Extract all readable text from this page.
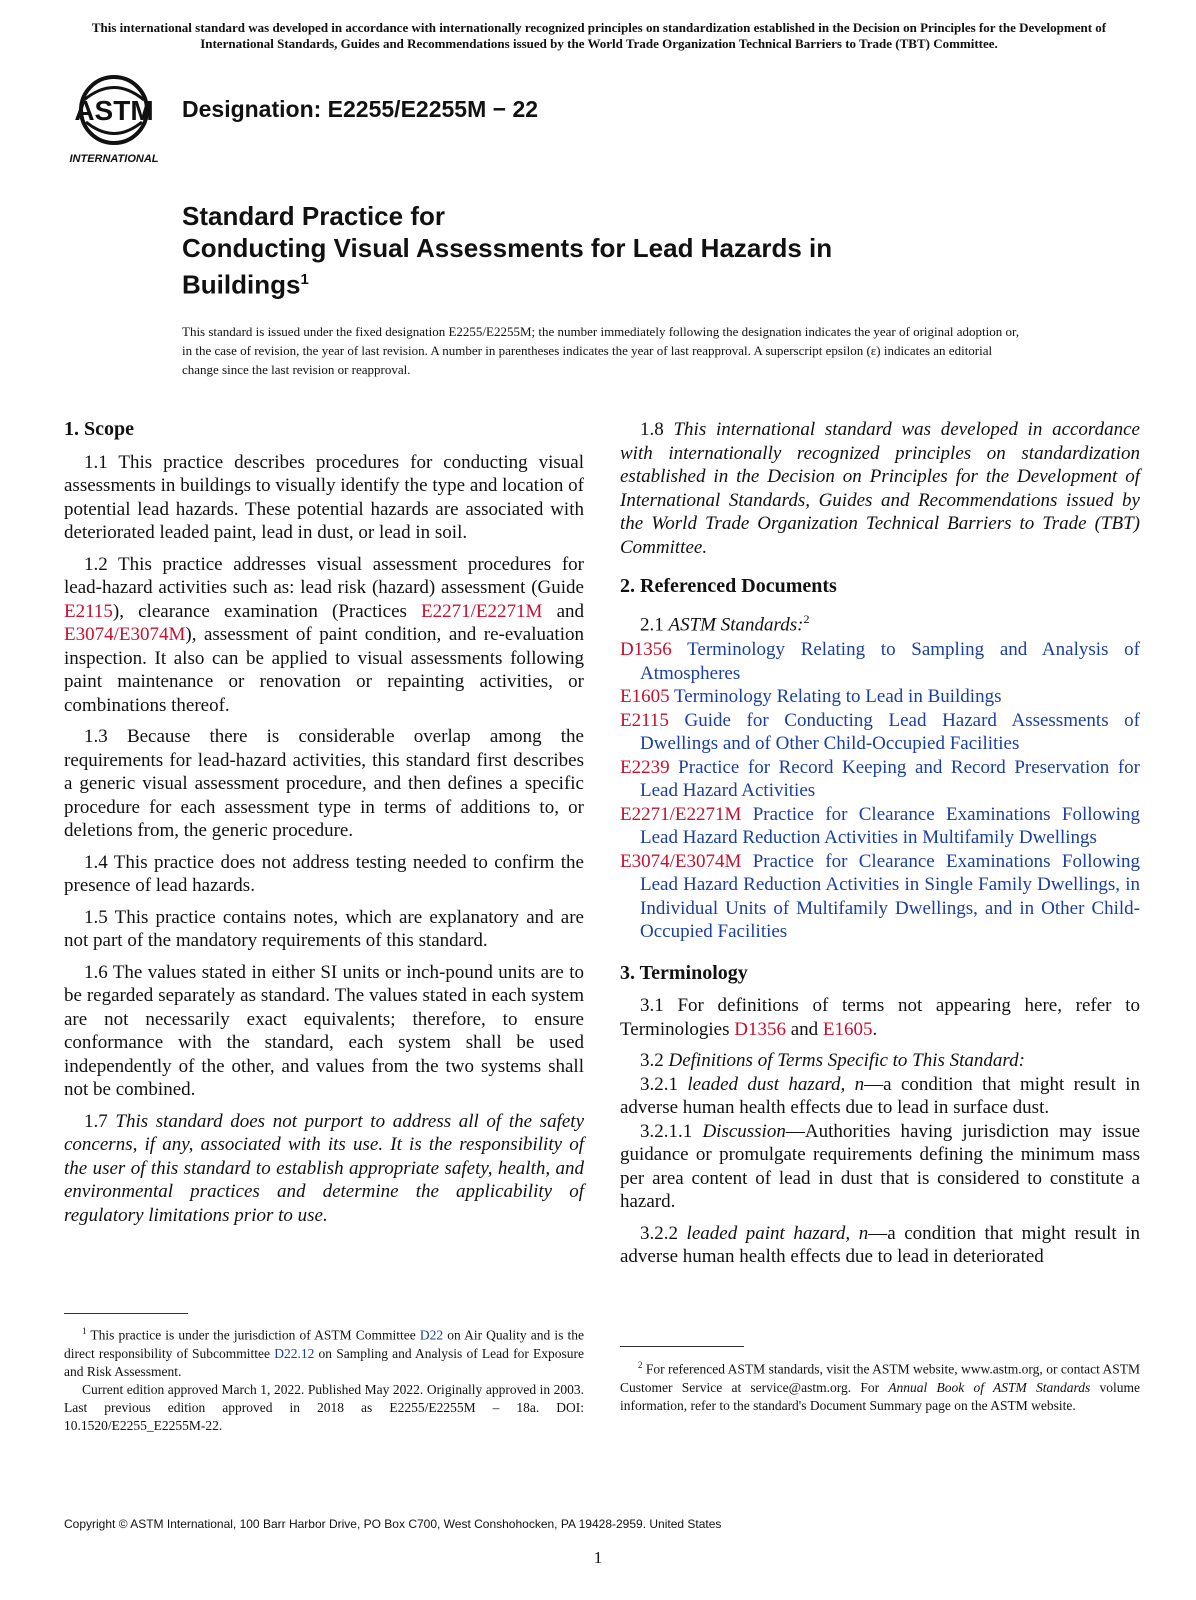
This international standard was developed in accordance with internationally recognized principles on standardization established in the Decision on Principles for the Development of International Standards, Guides and Recommendations issued by the World Trade Organization Technical Barriers to Trade (TBT) Committee.
ASTM
INTERNATIONAL
Designation: E2255/E2255M − 22
Standard Practice for
Conducting Visual Assessments for Lead Hazards in
Buildings$^1$
This standard is issued under the fixed designation E2255/E2255M; the number immediately following the designation indicates the year of original adoption or, in the case of revision, the year of last revision. A number in parentheses indicates the year of last reapproval. A superscript epsilon (ε) indicates an editorial change since the last revision or reapproval.
1. Scope

1.1 This practice describes procedures for conducting visual assessments in buildings to visually identify the type and location of potential lead hazards. These potential hazards are associated with deteriorated leaded paint, lead in dust, or lead in soil.

1.2 This practice addresses visual assessment procedures for lead-hazard activities such as: lead risk (hazard) assessment (Guide E2115), clearance examination (Practices E2271/E2271M and E3074/E3074M), assessment of paint condition, and re-evaluation inspection. It also can be applied to visual assessments following paint maintenance or renovation or repainting activities, or combinations thereof.

1.3 Because there is considerable overlap among the requirements for lead-hazard activities, this standard first describes a generic visual assessment procedure, and then defines a specific procedure for each assessment type in terms of additions to, or deletions from, the generic procedure.

1.4 This practice does not address testing needed to confirm the presence of lead hazards.

1.5 This practice contains notes, which are explanatory and are not part of the mandatory requirements of this standard.

1.6 The values stated in either SI units or inch-pound units are to be regarded separately as standard. The values stated in each system are not necessarily exact equivalents; therefore, to ensure conformance with the standard, each system shall be used independently of the other, and values from the two systems shall not be combined.

1.7 This standard does not purport to address all of the safety concerns, if any, associated with its use. It is the responsibility of the user of this standard to establish appropriate safety, health, and environmental practices and determine the applicability of regulatory limitations prior to use.

1.8 This international standard was developed in accordance with internationally recognized principles on standardization established in the Decision on Principles for the Development of International Standards, Guides and Recommendations issued by the World Trade Organization Technical Barriers to Trade (TBT) Committee.

2. Referenced Documents

2.1 ASTM Standards:$^2$

D1356 Terminology Relating to Sampling and Analysis of Atmospheres

E1605 Terminology Relating to Lead in Buildings

E2115 Guide for Conducting Lead Hazard Assessments of Dwellings and of Other Child-Occupied Facilities

E2239 Practice for Record Keeping and Record Preservation for Lead Hazard Activities

E2271/E2271M Practice for Clearance Examinations Following Lead Hazard Reduction Activities in Multifamily Dwellings

E3074/E3074M Practice for Clearance Examinations Following Lead Hazard Reduction Activities in Single Family Dwellings, in Individual Units of Multifamily Dwellings, and in Other Child-Occupied Facilities

3. Terminology

3.1 For definitions of terms not appearing here, refer to Terminologies D1356 and E1605.

3.2 Definitions of Terms Specific to This Standard:

3.2.1 leaded dust hazard, n—a condition that might result in adverse human health effects due to lead in surface dust.

3.2.1.1 Discussion—Authorities having jurisdiction may issue guidance or promulgate requirements defining the minimum mass per area content of lead in dust that is considered to constitute a hazard.

3.2.2 leaded paint hazard, n—a condition that might result in adverse human health effects due to lead in deteriorated

$^1$ This practice is under the jurisdiction of ASTM Committee D22 on Air Quality and is the direct responsibility of Subcommittee D22.12 on Sampling and Analysis of Lead for Exposure and Risk Assessment.

Current edition approved March 1, 2022. Published May 2022. Originally approved in 2003. Last previous edition approved in 2018 as E2255/E2255M – 18a. DOI: 10.1520/E2255_E2255M-22.

$^2$ For referenced ASTM standards, visit the ASTM website, www.astm.org, or contact ASTM Customer Service at service@astm.org. For Annual Book of ASTM Standards volume information, refer to the standard's Document Summary page on the ASTM website.

Copyright © ASTM International, 100 Barr Harbor Drive, PO Box C700, West Conshohocken, PA 19428-2959. United States
1
